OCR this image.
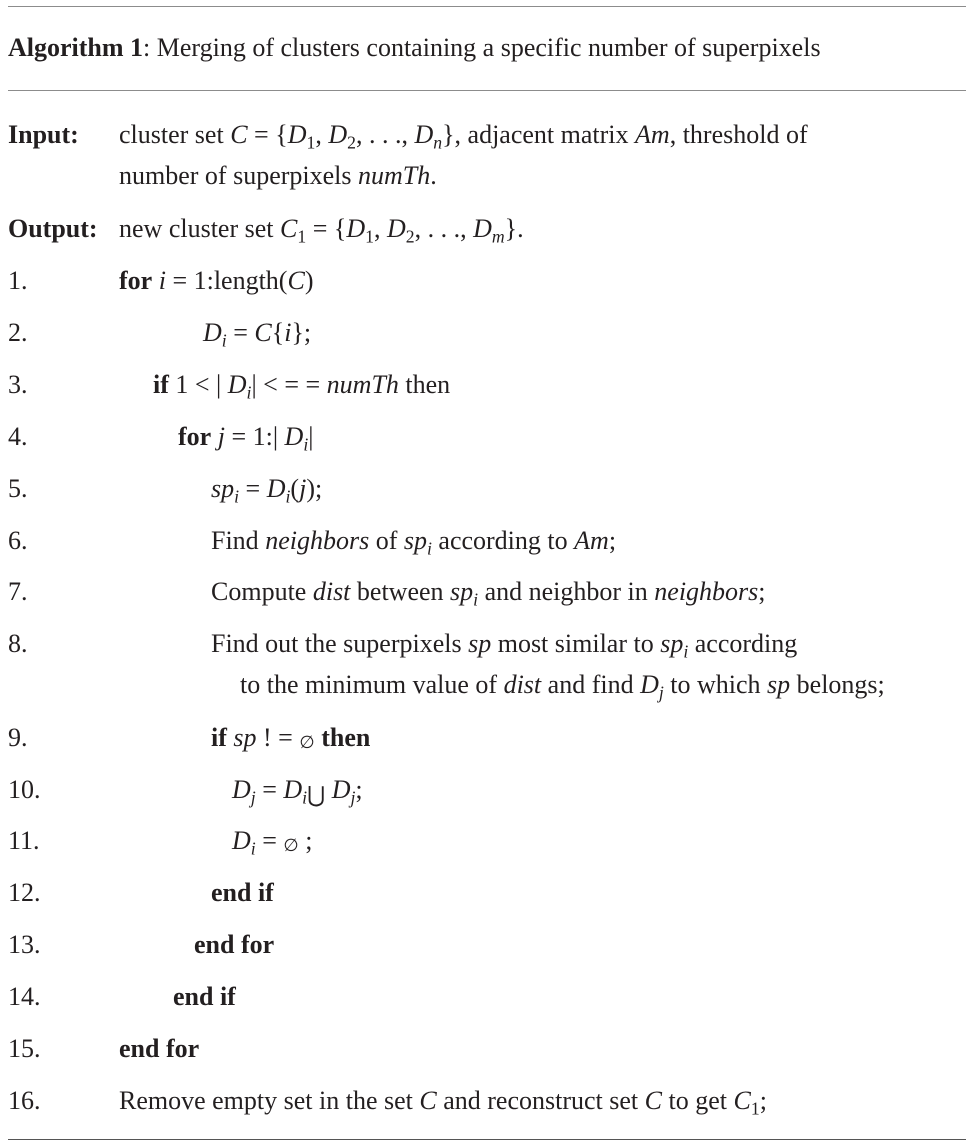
Algorithm 1: Merging of clusters containing a specific number of superpixels
Input: cluster set $C = \{D_1$, $D_2$, . . ., $D_n$}, adjacent matrix Am, threshold of
number of superpixels numTh.
Output: new cluster set $C_1 = \{D_1$, $D_2$, . . ., $D_m$}.
1.	for i = 1:length(C)
2.	$D_i = C\{i\}$;
3.	if 1 < | $D_i|$ < = = numTh then
4.	for j = 1:| $D_i|$
5.	$sp_i = D_i(j)$;
6.	Find neighbors of $sp_i$ according to Am;
7.	Compute dist between $sp_i$ and neighbor in neighbors;
8.	Find out the superpixels sp most similar to $sp_i$ according
to the minimum value of dist and find $D_j$ to which sp belongs;
9.	if sp ! = ∅ then
10.	$D_j$ = $D_i⋃$ $D_j$;
11.	$D_i$ = ∅ ;
12.	end if
13.	end for
14.	end if
15.	end for
16.	Remove empty set in the set C and reconstruct set C to get $C_1$;
